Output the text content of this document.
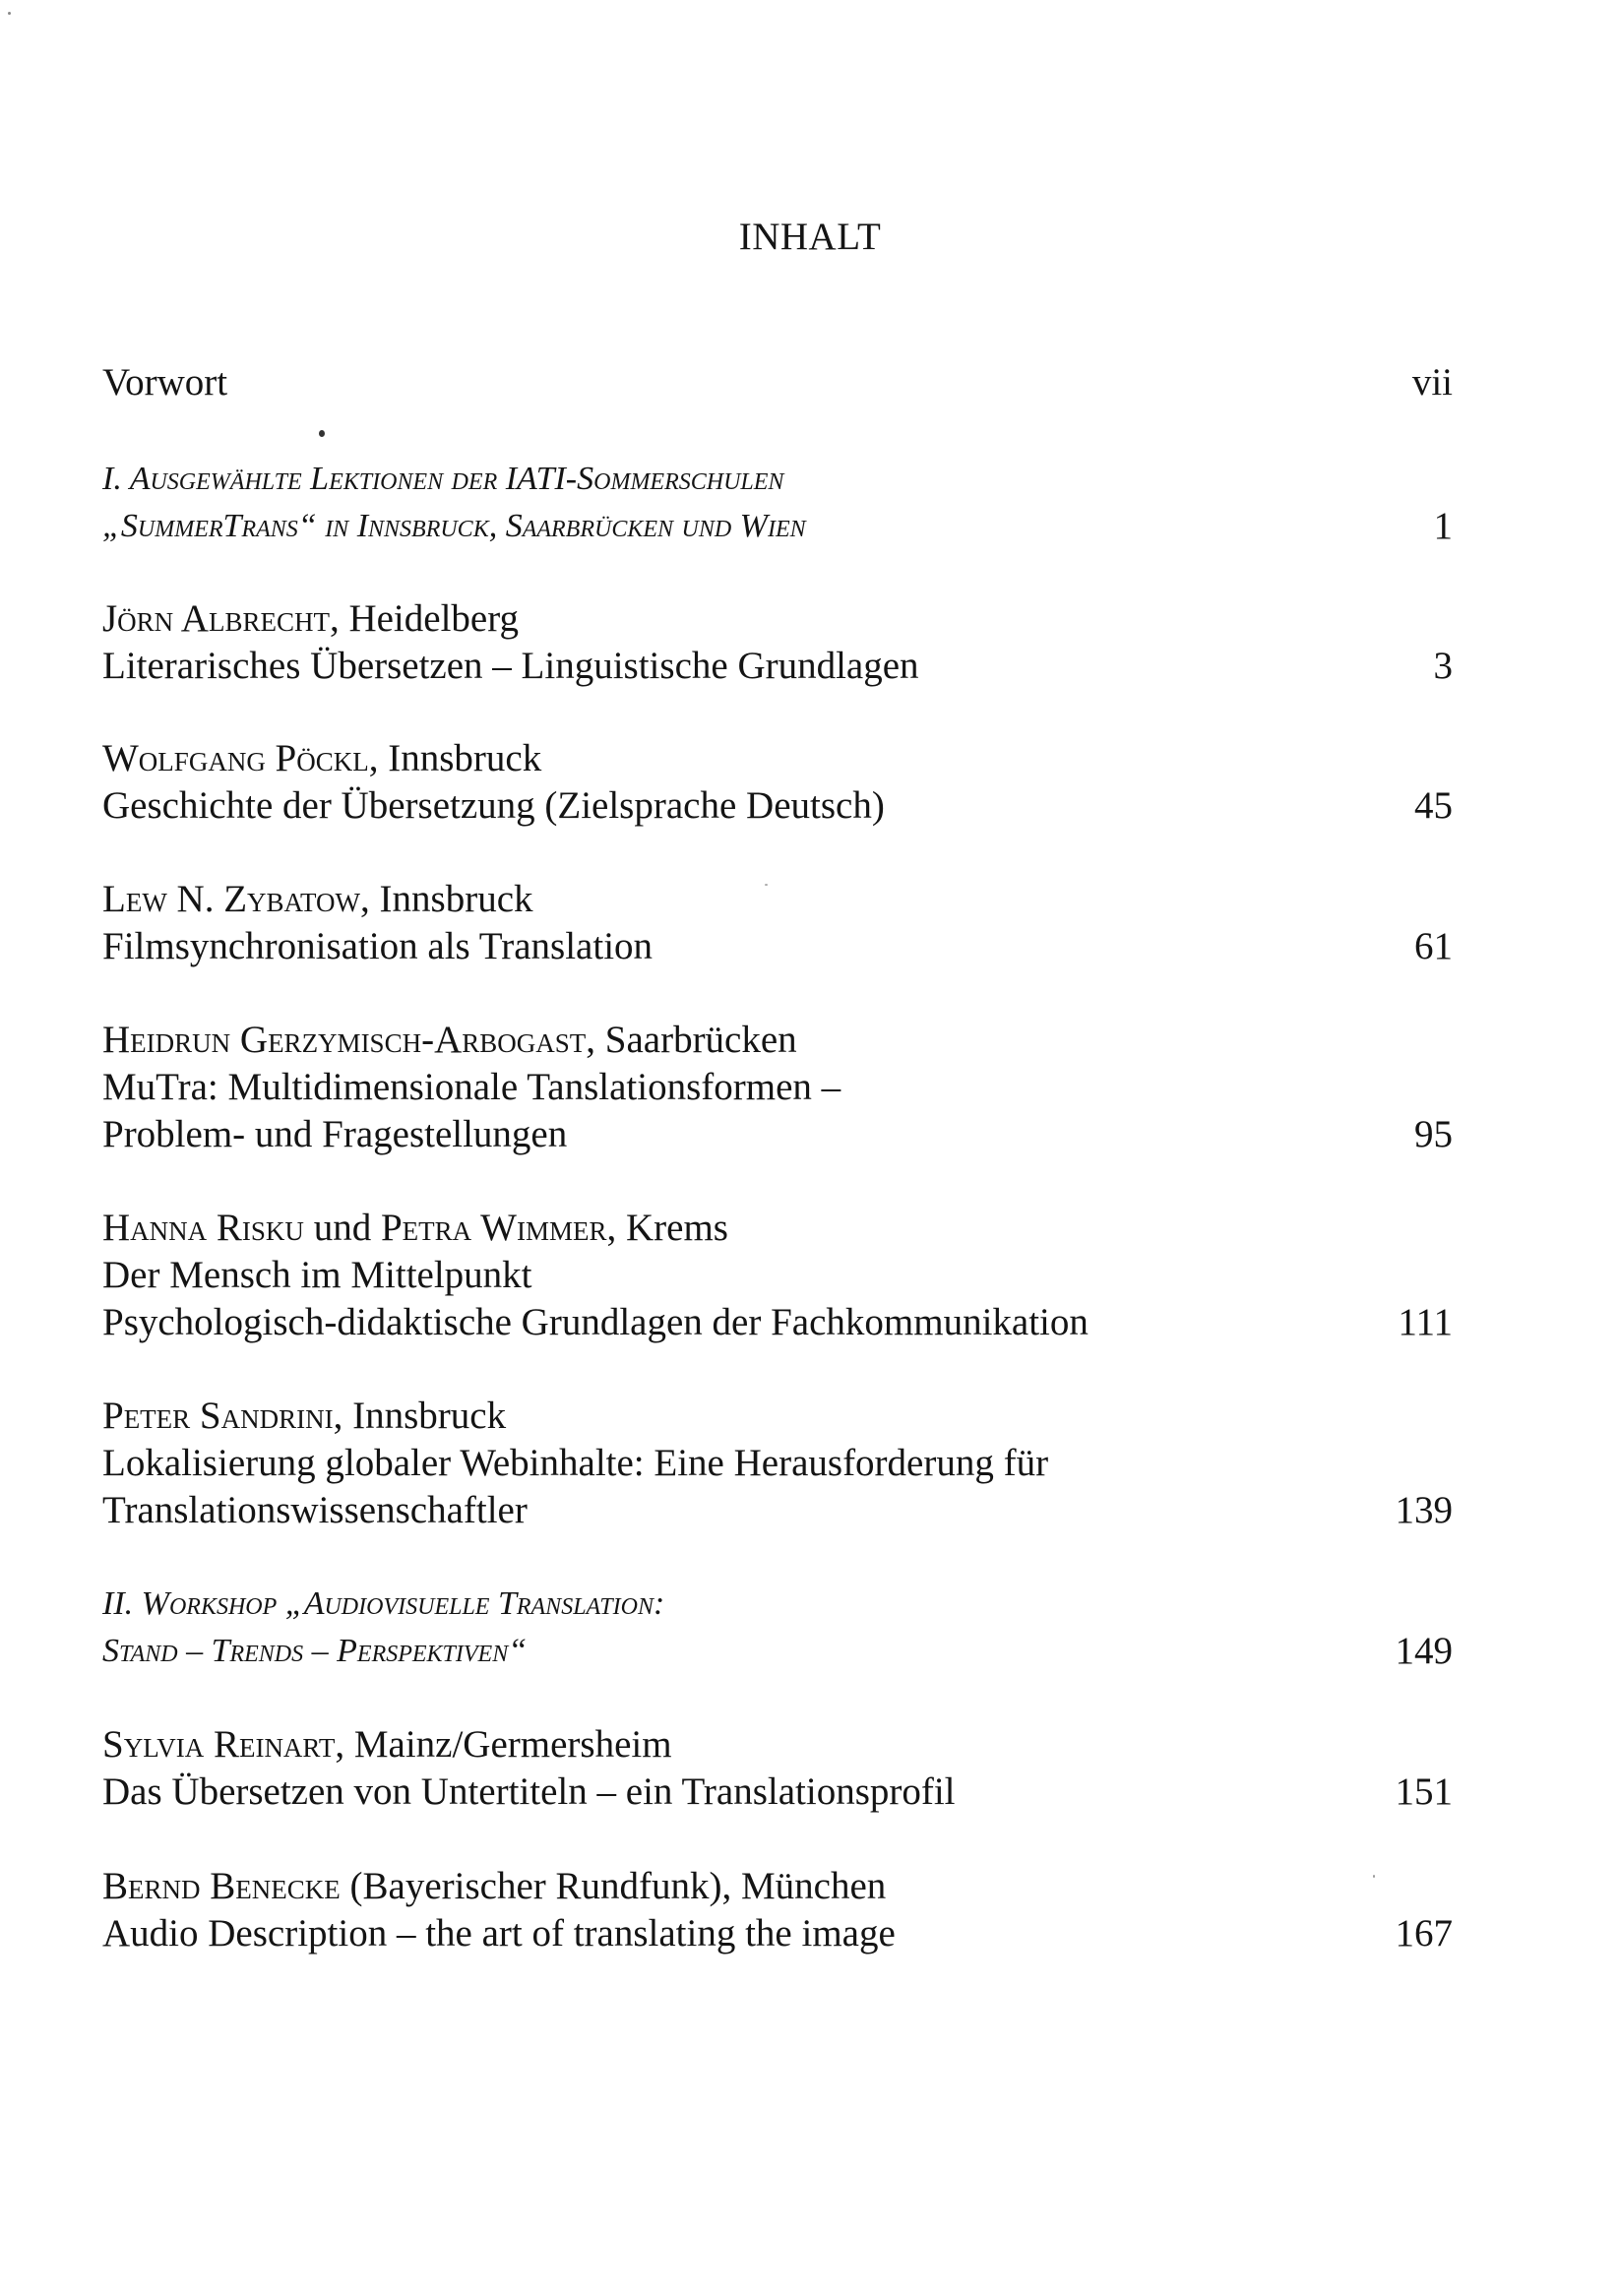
INHALT
Vorwort	vii
I. Ausgewählte Lektionen der IATI-Sommerschulen
„SummerTrans“ in Innsbruck, Saarbrücken und Wien	1
Jörn Albrecht, Heidelberg
Literarisches Übersetzen – Linguistische Grundlagen	3
Wolfgang Pöckl, Innsbruck
Geschichte der Übersetzung (Zielsprache Deutsch)	45
Lew N. Zybatow, Innsbruck
Filmsynchronisation als Translation	61
Heidrun Gerzymisch-Arbogast, Saarbrücken
MuTra: Multidimensionale Tanslationsformen –
Problem- und Fragestellungen	95
Hanna Risku und Petra Wimmer, Krems
Der Mensch im Mittelpunkt
Psychologisch-didaktische Grundlagen der Fachkommunikation	111
Peter Sandrini, Innsbruck
Lokalisierung globaler Webinhalte: Eine Herausforderung für
Translationswissenschaftler	139
II. Workshop „Audiovisuelle Translation:
Stand – Trends – Perspektiven“	149
Sylvia Reinart, Mainz/Germersheim
Das Übersetzen von Untertiteln – ein Translationsprofil	151
Bernd Benecke (Bayerischer Rundfunk), München
Audio Description – the art of translating the image	167
